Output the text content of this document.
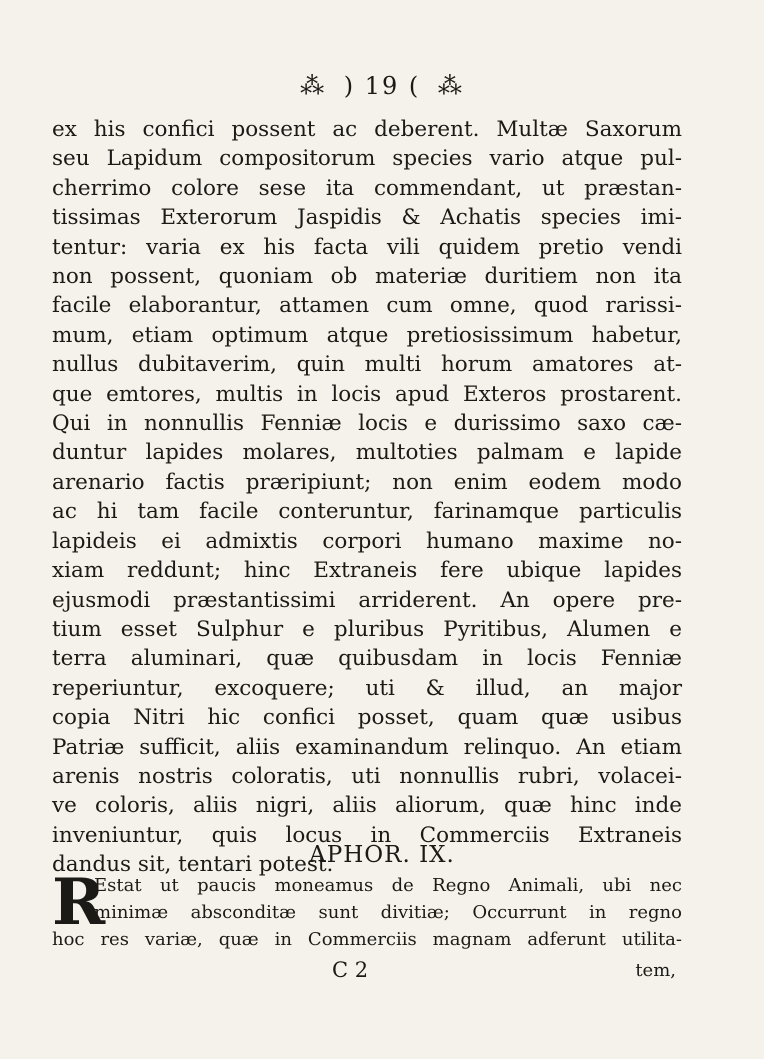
⁂ ) 19 ( ⁂
ex his confici possent ac deberent. Multæ Saxorum
seu Lapidum compositorum species vario atque pul-
cherrimo colore sese ita commendant, ut præstan-
tissimas Exterorum Jaspidis & Achatis species imi-
tentur: varia ex his facta vili quidem pretio vendi
non possent, quoniam ob materiæ duritiem non ita
facile elaborantur, attamen cum omne, quod rarissi-
mum, etiam optimum atque pretiosissimum habetur,
nullus dubitaverim, quin multi horum amatores at-
que emtores, multis in locis apud Exteros prostarent.
Qui in nonnullis Fenniæ locis e durissimo saxo cæ-
duntur lapides molares, multoties palmam e lapide
arenario factis præripiunt; non enim eodem modo
ac hi tam facile conteruntur, farinamque particulis
lapideis ei admixtis corpori humano maxime no-
xiam reddunt; hinc Extraneis fere ubique lapides
ejusmodi præstantissimi arriderent. An opere pre-
tium esset Sulphur e pluribus Pyritibus, Alumen e
terra aluminari, quæ quibusdam in locis Fenniæ
reperiuntur, excoquere; uti & illud, an major
copia Nitri hic confici posset, quam quæ usibus
Patriæ sufficit, aliis examinandum relinquo. An etiam
arenis nostris coloratis, uti nonnullis rubri, volacei-
ve coloris, aliis nigri, aliis aliorum, quæ hinc inde
inveniuntur, quis locus in Commerciis Extraneis
dandus sit, tentari potest.
APHOR. IX.
R
Estat ut paucis moneamus de Regno Animali, ubi nec
minimæ absconditæ sunt divitiæ; Occurrunt in regno
hoc res variæ, quæ in Commerciis magnam adferunt utilita-
C 2	tem,
